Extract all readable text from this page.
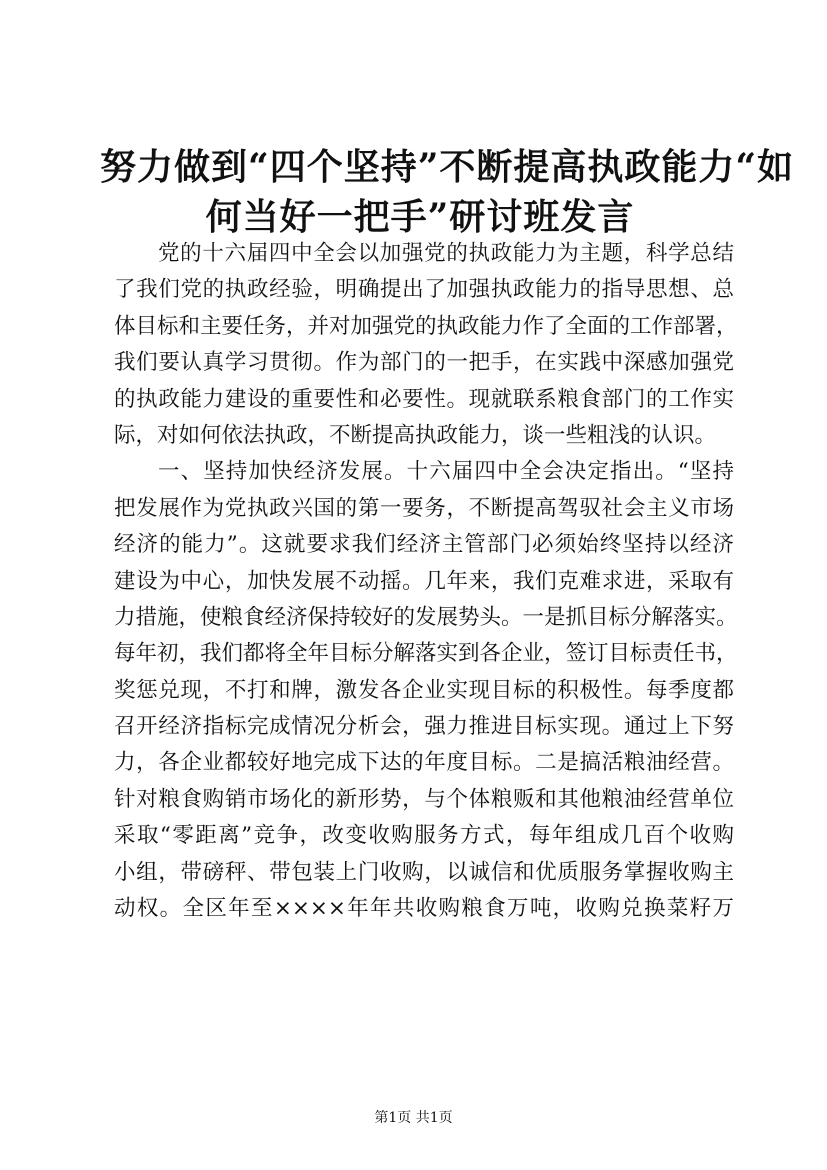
努力做到“四个坚持”不断提高执政能力“如
何当好一把手”研讨班发言
党的十六届四中全会以加强党的执政能力为主题，科学总结
了我们党的执政经验，明确提出了加强执政能力的指导思想、总
体目标和主要任务，并对加强党的执政能力作了全面的工作部署，
我们要认真学习贯彻。作为部门的一把手，在实践中深感加强党
的执政能力建设的重要性和必要性。现就联系粮食部门的工作实
际，对如何依法执政，不断提高执政能力，谈一些粗浅的认识。
一、坚持加快经济发展。十六届四中全会决定指出。“坚持
把发展作为党执政兴国的第一要务，不断提高驾驭社会主义市场
经济的能力”。这就要求我们经济主管部门必须始终坚持以经济
建设为中心，加快发展不动摇。几年来，我们克难求进，采取有
力措施，使粮食经济保持较好的发展势头。一是抓目标分解落实。
每年初，我们都将全年目标分解落实到各企业，签订目标责任书，
奖惩兑现，不打和牌，激发各企业实现目标的积极性。每季度都
召开经济指标完成情况分析会，强力推进目标实现。通过上下努
力，各企业都较好地完成下达的年度目标。二是搞活粮油经营。
针对粮食购销市场化的新形势，与个体粮贩和其他粮油经营单位
采取“零距离”竞争，改变收购服务方式，每年组成几百个收购
小组，带磅秤、带包装上门收购，以诚信和优质服务掌握收购主
动权。全区年至××××年年共收购粮食万吨，收购兑换菜籽万
第1页 共1页
